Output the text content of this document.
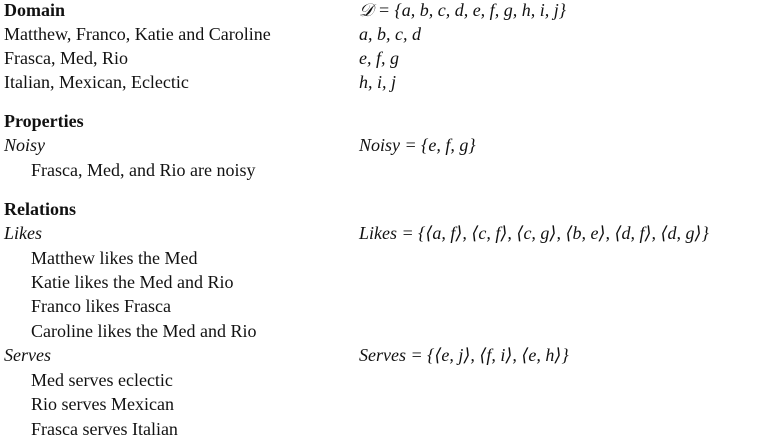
Domain	𝒟 = {a, b, c, d, e, f, g, h, i, j}
Matthew, Franco, Katie and Caroline	a, b, c, d
Frasca, Med, Rio	e, f, g
Italian, Mexican, Eclectic	h, i, j
Properties
Noisy	Noisy = {e, f, g}
Frasca, Med, and Rio are noisy
Relations
Likes	Likes = {⟨a, f⟩, ⟨c, f⟩, ⟨c, g⟩, ⟨b, e⟩, ⟨d, f⟩, ⟨d, g⟩}
Matthew likes the Med
Katie likes the Med and Rio
Franco likes Frasca
Caroline likes the Med and Rio
Serves	Serves = {⟨e, j⟩, ⟨f, i⟩, ⟨e, h⟩}
Med serves eclectic
Rio serves Mexican
Frasca serves Italian
